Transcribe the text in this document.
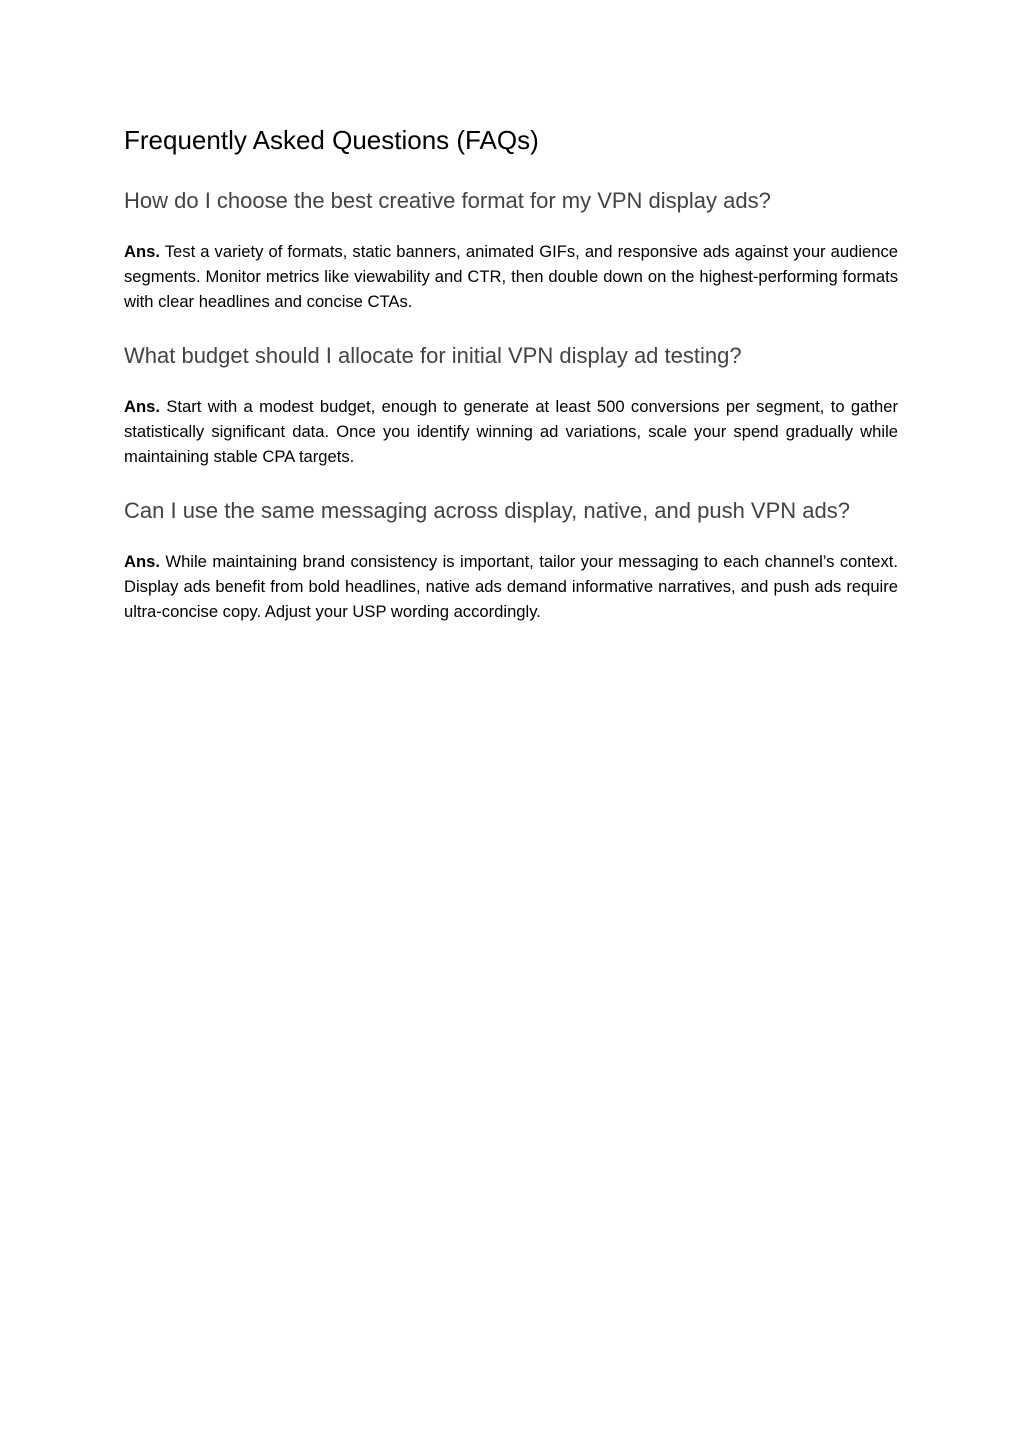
Frequently Asked Questions (FAQs)
How do I choose the best creative format for my VPN display ads?

Ans. Test a variety of formats, static banners, animated GIFs, and responsive ads against your audience segments. Monitor metrics like viewability and CTR, then double down on the highest‑performing formats with clear headlines and concise CTAs.

What budget should I allocate for initial VPN display ad testing?

Ans. Start with a modest budget, enough to generate at least 500 conversions per segment, to gather statistically significant data. Once you identify winning ad variations, scale your spend gradually while maintaining stable CPA targets.

Can I use the same messaging across display, native, and push VPN ads?

Ans. While maintaining brand consistency is important, tailor your messaging to each channel’s context. Display ads benefit from bold headlines, native ads demand informative narratives, and push ads require ultra‑concise copy. Adjust your USP wording accordingly.
